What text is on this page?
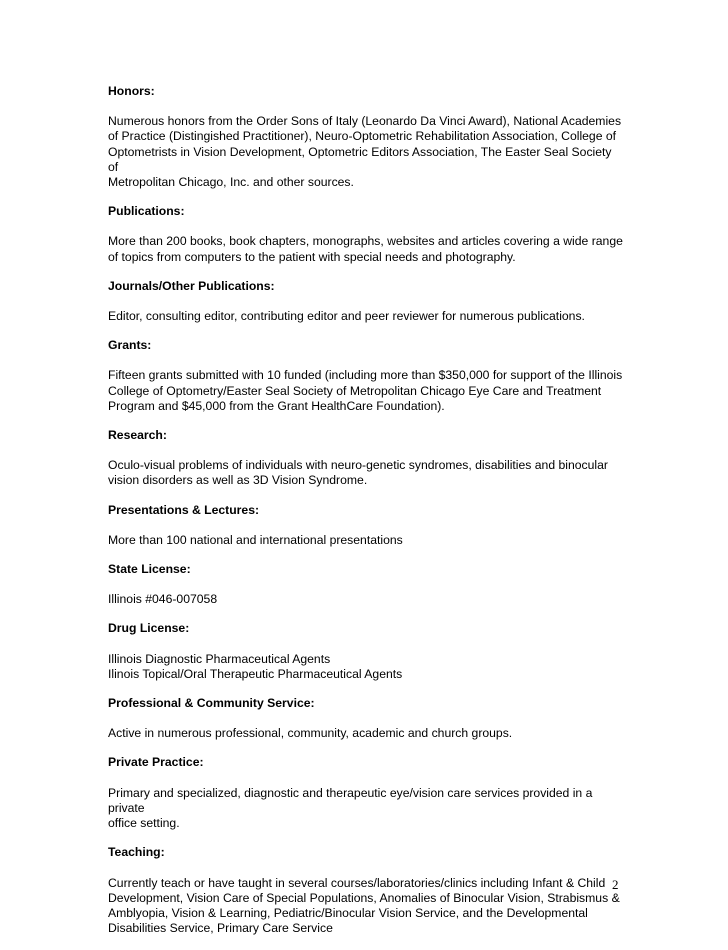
Honors:
Numerous honors from the Order Sons of Italy (Leonardo Da Vinci Award), National Academies
of Practice (Distingished Practitioner), Neuro-Optometric Rehabilitation Association, College of
Optometrists in Vision Development, Optometric Editors Association, The Easter Seal Society of
Metropolitan Chicago, Inc. and other sources.
Publications:
More than 200 books, book chapters, monographs, websites and articles covering a wide range
of topics from computers to the patient with special needs and photography.
Journals/Other Publications:
Editor, consulting editor, contributing editor and peer reviewer for numerous publications.
Grants:
Fifteen grants submitted with 10 funded (including more than $350,000 for support of the Illinois
College of Optometry/Easter Seal Society of Metropolitan Chicago Eye Care and Treatment
Program and $45,000 from the Grant HealthCare Foundation).
Research:
Oculo-visual problems of individuals with neuro-genetic syndromes, disabilities and binocular
vision disorders as well as 3D Vision Syndrome.
Presentations & Lectures:
More than 100 national and international presentations
State License:
Illinois #046-007058
Drug License:
Illinois Diagnostic Pharmaceutical Agents
Ilinois Topical/Oral Therapeutic Pharmaceutical Agents
Professional & Community Service:
Active in numerous professional, community, academic and church groups.
Private Practice:
Primary and specialized, diagnostic and therapeutic eye/vision care services provided in a private
office setting.
Teaching:
Currently teach or have taught in several courses/laboratories/clinics including Infant & Child
Development, Vision Care of Special Populations, Anomalies of Binocular Vision, Strabismus &
Amblyopia, Vision & Learning, Pediatric/Binocular Vision Service, and the Developmental
Disabilities Service, Primary Care Service
2
